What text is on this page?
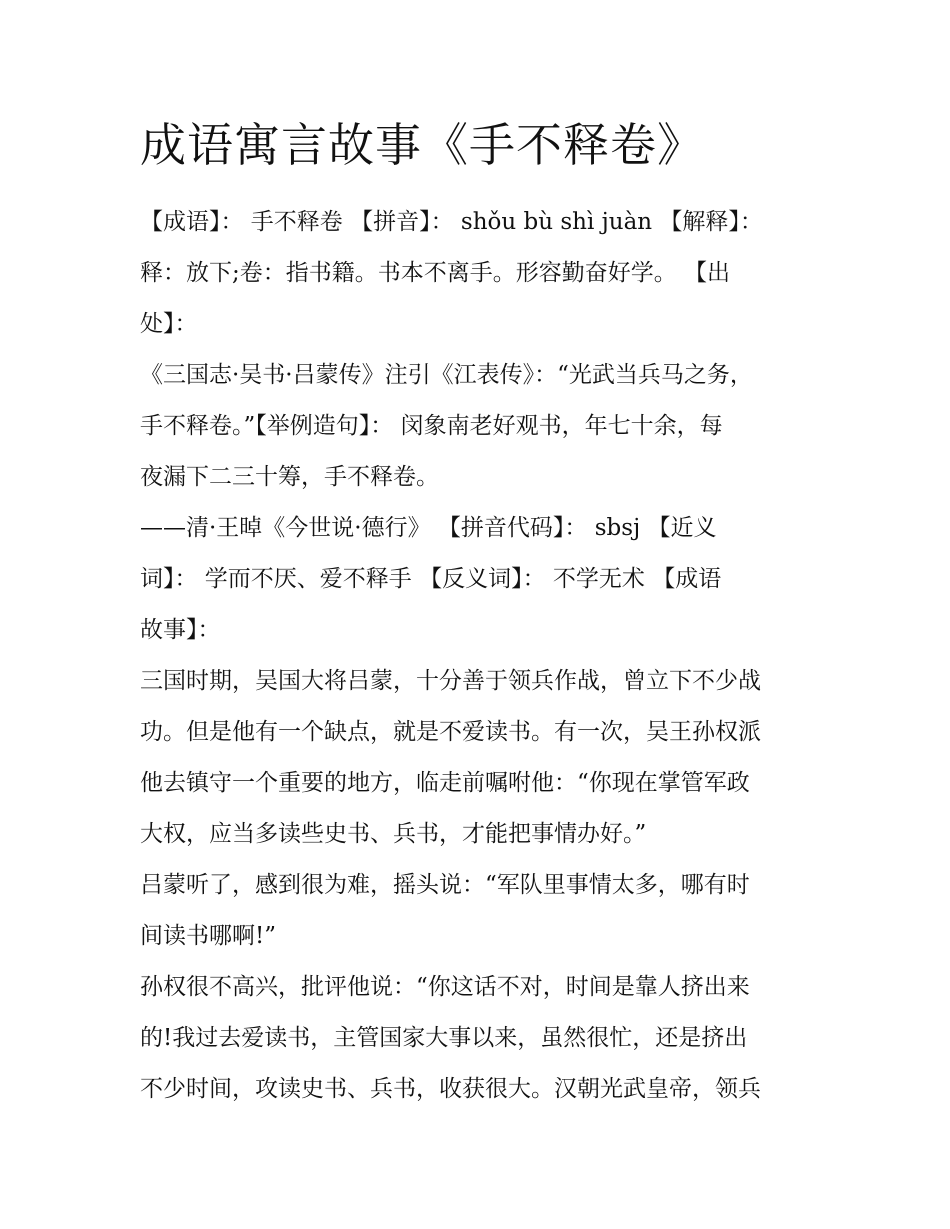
成语寓言故事《手不释卷》
【成语】： 手不释卷 【拼音】： shǒu bù shì juàn 【解释】：
释：放下;卷：指书籍。书本不离手。形容勤奋好学。 【出
处】：
《三国志·吴书·吕蒙传》注引《江表传》：“光武当兵马之务，
手不释卷。”【举例造句】： 闵象南老好观书，年七十余，每
夜漏下二三十筹，手不释卷。
——清·王晫《今世说·德行》 【拼音代码】： sbsj 【近义
词】： 学而不厌、爱不释手 【反义词】： 不学无术 【成语
故事】：
三国时期，吴国大将吕蒙，十分善于领兵作战，曾立下不少战
功。但是他有一个缺点，就是不爱读书。有一次，吴王孙权派
他去镇守一个重要的地方，临走前嘱咐他：“你现在掌管军政
大权，应当多读些史书、兵书，才能把事情办好。”
吕蒙听了，感到很为难，摇头说：“军队里事情太多，哪有时
间读书哪啊!”
孙权很不高兴，批评他说：“你这话不对，时间是靠人挤出来
的!我过去爱读书，主管国家大事以来，虽然很忙，还是挤出
不少时间，攻读史书、兵书，收获很大。汉朝光武皇帝，领兵
